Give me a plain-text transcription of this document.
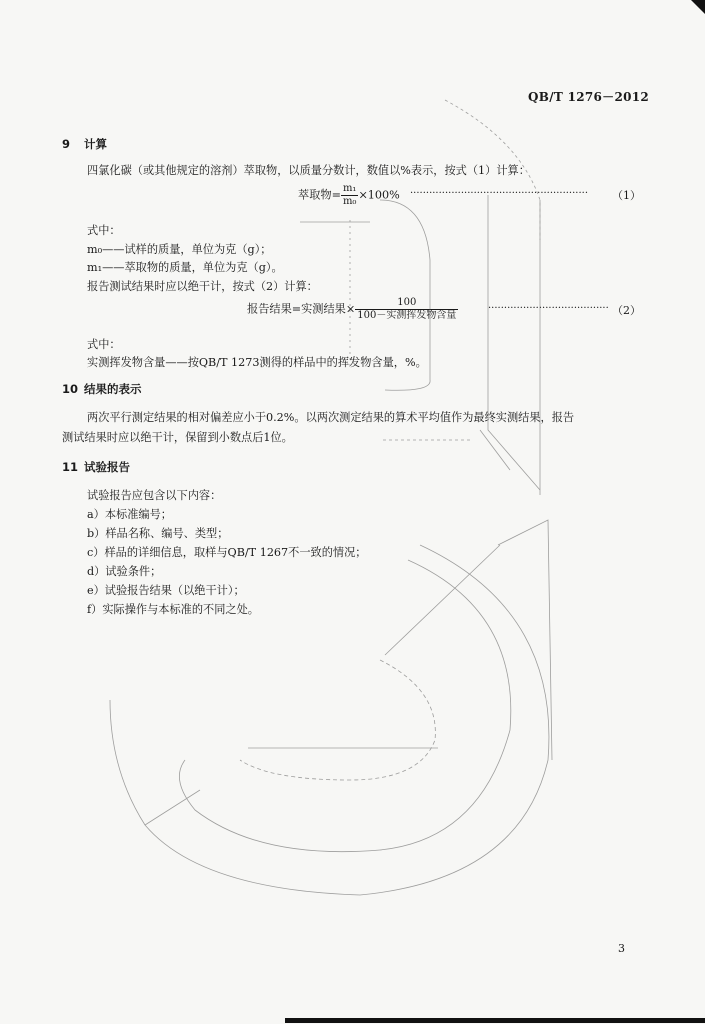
QB/T 1276－2012
9 计算
四氯化碳（或其他规定的溶剂）萃取物，以质量分数计，数值以%表示，按式（1）计算：
萃取物= $\frac{\text{m₁}}{\text{m₀}} \times 100\%$ ························································ （1）
式中：
m₀——试样的质量，单位为克（g）；
m₁——萃取物的质量，单位为克（g）。
报告测试结果时应以绝干计，按式（2）计算：
报告结果=实测结果× $\frac{100}{\text{100－实测挥发物含量}}$	······································ （2）
式中：
实测挥发物含量——按QB/T 1273测得的样品中的挥发物含量，%。
10 结果的表示
两次平行测定结果的相对偏差应小于0.2%。以两次测定结果的算术平均值作为最终实测结果，报告
测试结果时应以绝干计，保留到小数点后1位。
11 试验报告
试验报告应包含以下内容：
a）本标准编号；
b）样品名称、编号、类型；
c）样品的详细信息，取样与QB/T 1267不一致的情况；
d）试验条件；
e）试验报告结果（以绝干计）；
f）实际操作与本标准的不同之处。
3
